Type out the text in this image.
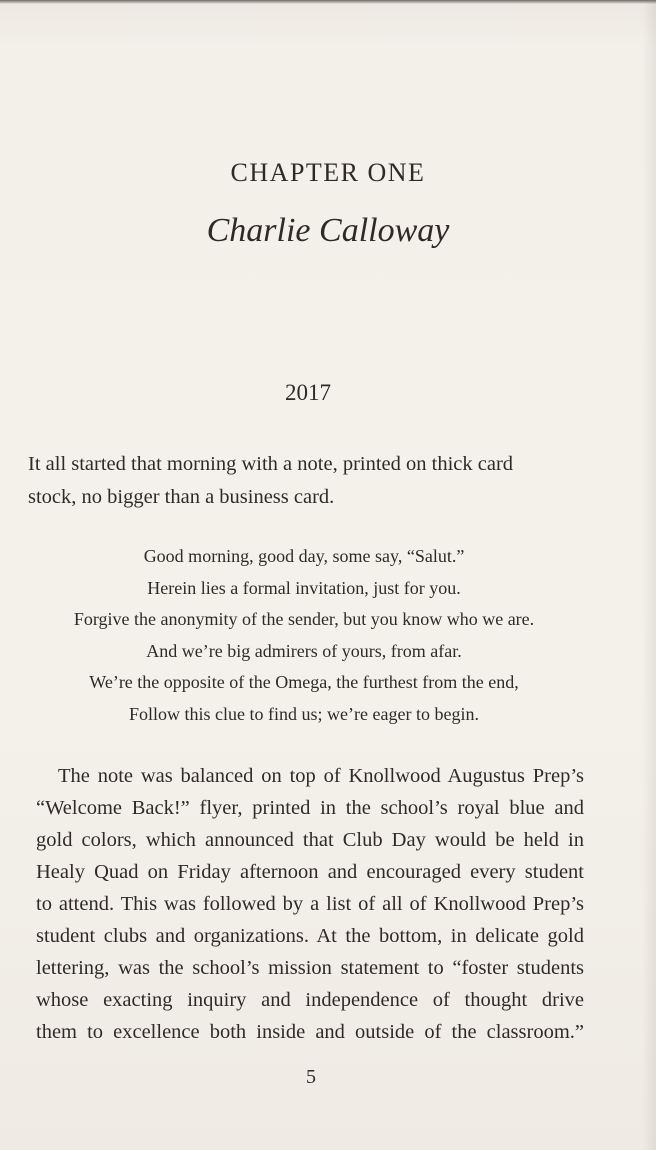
CHAPTER ONE
Charlie Calloway
2017
It all started that morning with a note, printed on thick card
stock, no bigger than a business card.
Good morning, good day, some say, “Salut.”
Herein lies a formal invitation, just for you.
Forgive the anonymity of the sender, but you know who we are.
And we’re big admirers of yours, from afar.
We’re the opposite of the Omega, the furthest from the end,
Follow this clue to find us; we’re eager to begin.
The note was balanced on top of Knollwood Augustus Prep’s
“Welcome Back!” flyer, printed in the school’s royal blue and
gold colors, which announced that Club Day would be held in
Healy Quad on Friday afternoon and encouraged every student
to attend. This was followed by a list of all of Knollwood Prep’s
student clubs and organizations. At the bottom, in delicate gold
lettering, was the school’s mission statement to “foster students
whose exacting inquiry and independence of thought drive
them to excellence both inside and outside of the classroom.”
5
